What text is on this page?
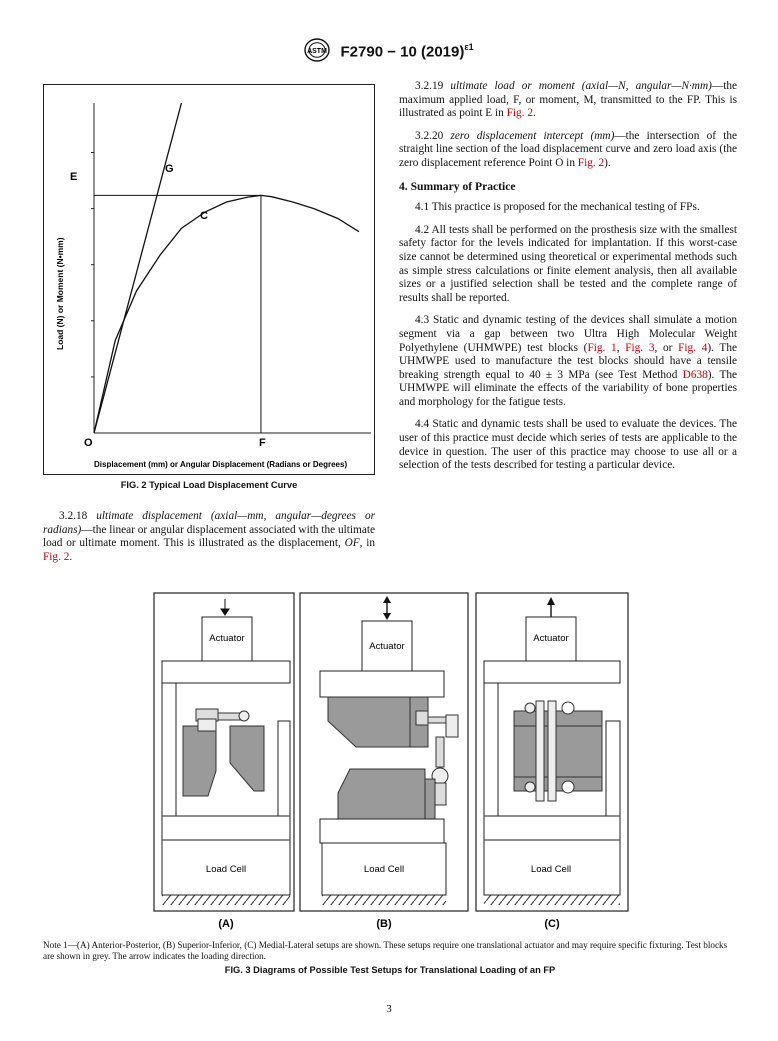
ASTM F2790 − 10 $(2019)^{\varepsilon 1}$
Load (N) or Moment (N•mm)
Displacement (mm) or Angular Displacement (Radians or Degrees)
E
G
C
O	F
FIG. 2 Typical Load Displacement Curve

3.2.18 ultimate displacement (axial—mm, angular—degrees or radians)—the linear or angular displacement associated with the ultimate load or ultimate moment. This is illustrated as the displacement, OF, in Fig. 2.

3.2.19 ultimate load or moment (axial—N, angular—N·mm)—the maximum applied load, F, or moment, M, transmitted to the FP. This is illustrated as point E in Fig. 2.

3.2.20 zero displacement intercept (mm)—the intersection of the straight line section of the load displacement curve and zero load axis (the zero displacement reference Point O in Fig. 2).

4. Summary of Practice

4.1 This practice is proposed for the mechanical testing of FPs.

4.2 All tests shall be performed on the prosthesis size with the smallest safety factor for the levels indicated for implantation. If this worst-case size cannot be determined using theoretical or experimental methods such as simple stress calculations or finite element analysis, then all available sizes or a justified selection shall be tested and the complete range of results shall be reported.

4.3 Static and dynamic testing of the devices shall simulate a motion segment via a gap between two Ultra High Molecular Weight Polyethylene (UHMWPE) test blocks (Fig. 1, Fig. 3, or Fig. 4). The UHMWPE used to manufacture the test blocks should have a tensile breaking strength equal to 40 ± 3 MPa (see Test Method D638). The UHMWPE will eliminate the effects of the variability of bone properties and morphology for the fatigue tests.

4.4 Static and dynamic tests shall be used to evaluate the devices. The user of this practice must decide which series of tests are applicable to the device in question. The user of this practice may choose to use all or a selection of the tests described for testing a particular device.

Actuator
Load Cell
(A)
Actuator
Load Cell
(B)
Actuator
Load Cell
(C)
Note 1—(A) Anterior-Posterior, (B) Superior-Inferior, (C) Medial-Lateral setups are shown. These setups require one translational actuator and may require specific fixturing. Test blocks are shown in grey. The arrow indicates the loading direction.
FIG. 3 Diagrams of Possible Test Setups for Translational Loading of an FP
3
